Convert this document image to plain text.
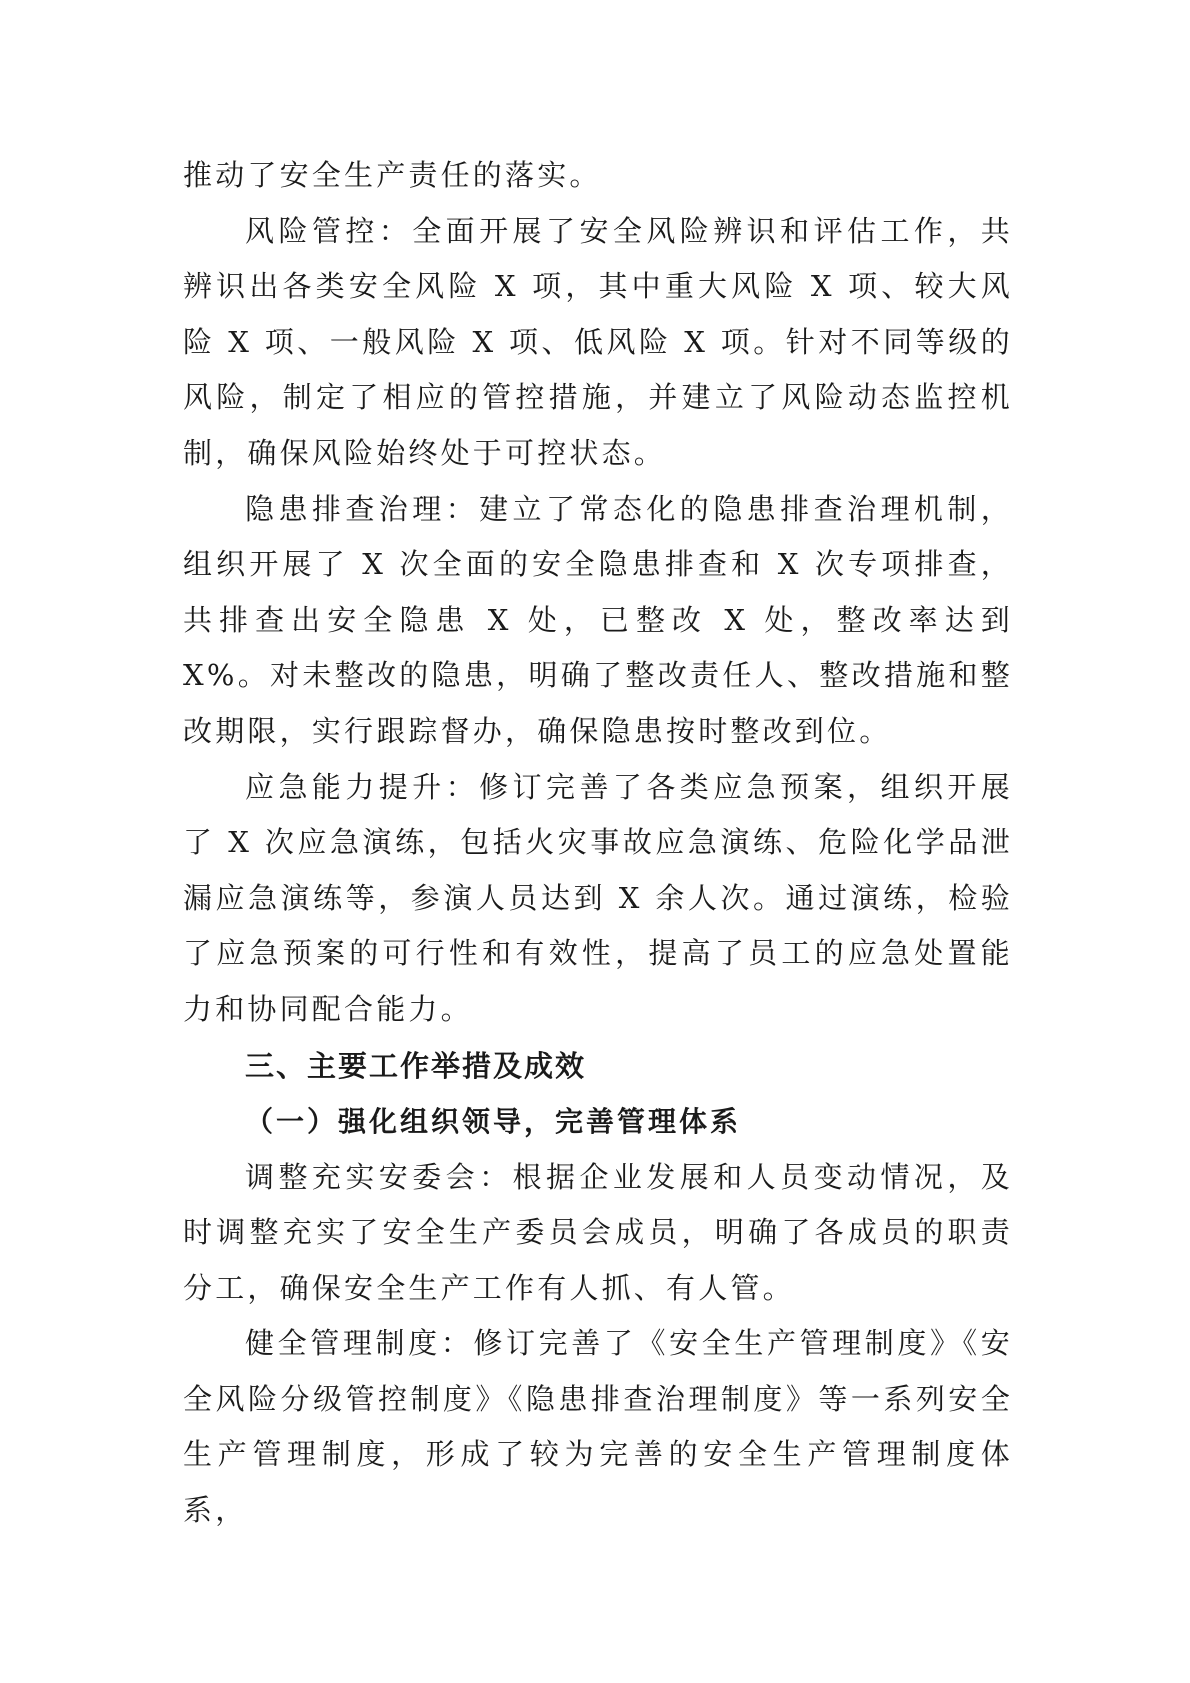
推动了安全生产责任的落实。

风险管控：全面开展了安全风险辨识和评估工作，共辨识出各类安全风险 X 项，其中重大风险 X 项、较大风险 X 项、一般风险 X 项、低风险 X 项。针对不同等级的风险，制定了相应的管控措施，并建立了风险动态监控机制，确保风险始终处于可控状态。

隐患排查治理：建立了常态化的隐患排查治理机制，组织开展了 X 次全面的安全隐患排查和 X 次专项排查，共排查出安全隐患 X 处，已整改 X 处，整改率达到 X%。对未整改的隐患，明确了整改责任人、整改措施和整改期限，实行跟踪督办，确保隐患按时整改到位。

应急能力提升：修订完善了各类应急预案，组织开展了 X 次应急演练，包括火灾事故应急演练、危险化学品泄漏应急演练等，参演人员达到 X 余人次。通过演练，检验了应急预案的可行性和有效性，提高了员工的应急处置能力和协同配合能力。

三、主要工作举措及成效
（一）强化组织领导，完善管理体系

调整充实安委会：根据企业发展和人员变动情况，及时调整充实了安全生产委员会成员，明确了各成员的职责分工，确保安全生产工作有人抓、有人管。

健全管理制度：修订完善了《安全生产管理制度》《安全风险分级管控制度》《隐患排查治理制度》等一系列安全生产管理制度，形成了较为完善的安全生产管理制度体系，
